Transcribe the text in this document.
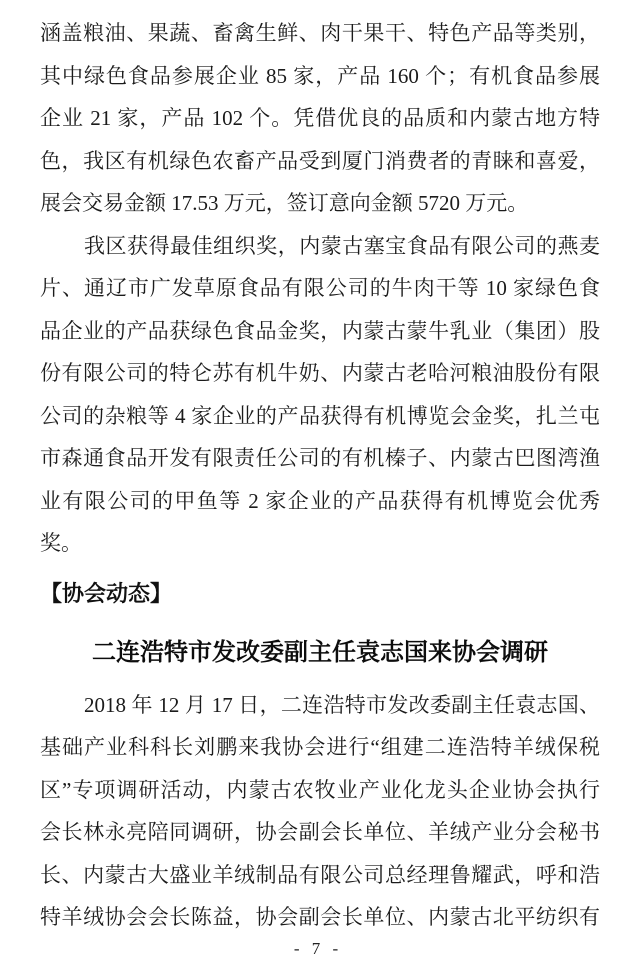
涵盖粮油、果蔬、畜禽生鲜、肉干果干、特色产品等类别，
其中绿色食品参展企业 85 家，产品 160 个；有机食品参展
企业 21 家，产品 102 个。凭借优良的品质和内蒙古地方特
色，我区有机绿色农畜产品受到厦门消费者的青睐和喜爱，
展会交易金额 17.53 万元，签订意向金额 5720 万元。
我区获得最佳组织奖，内蒙古塞宝食品有限公司的燕麦
片、通辽市广发草原食品有限公司的牛肉干等 10 家绿色食
品企业的产品获绿色食品金奖，内蒙古蒙牛乳业（集团）股
份有限公司的特仑苏有机牛奶、内蒙古老哈河粮油股份有限
公司的杂粮等 4 家企业的产品获得有机博览会金奖，扎兰屯
市森通食品开发有限责任公司的有机榛子、内蒙古巴图湾渔
业有限公司的甲鱼等 2 家企业的产品获得有机博览会优秀
奖。
【协会动态】
二连浩特市发改委副主任袁志国来协会调研
2018 年 12 月 17 日，二连浩特市发改委副主任袁志国、
基础产业科科长刘鹏来我协会进行“组建二连浩特羊绒保税
区”专项调研活动，内蒙古农牧业产业化龙头企业协会执行
会长林永亮陪同调研，协会副会长单位、羊绒产业分会秘书
长、内蒙古大盛业羊绒制品有限公司总经理鲁耀武，呼和浩
特羊绒协会会长陈益，协会副会长单位、内蒙古北平纺织有
- 7 -
